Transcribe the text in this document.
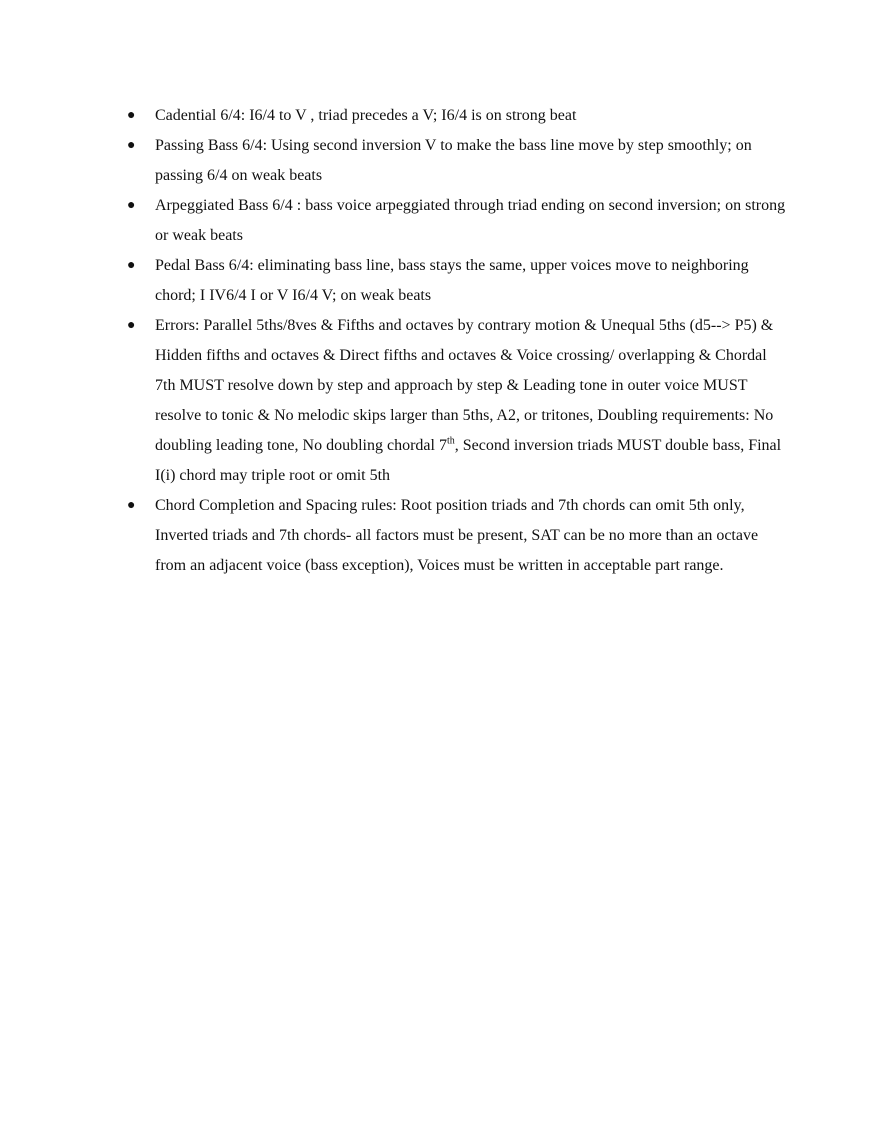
● Cadential 6/4: I6/4 to V , triad precedes a V; I6/4 is on strong beat
● Passing Bass 6/4: Using second inversion V to make the bass line move by step smoothly; on passing 6/4 on weak beats
● Arpeggiated Bass 6/4 : bass voice arpeggiated through triad ending on second inversion; on strong or weak beats
● Pedal Bass 6/4: eliminating bass line, bass stays the same, upper voices move to neighboring chord; I IV6/4 I or V I6/4 V; on weak beats
● Errors: Parallel 5ths/8ves & Fifths and octaves by contrary motion & Unequal 5ths (d5--> P5) & Hidden fifths and octaves & Direct fifths and octaves & Voice crossing/ overlapping & Chordal 7th MUST resolve down by step and approach by step & Leading tone in outer voice MUST resolve to tonic & No melodic skips larger than 5ths, A2, or tritones, Doubling requirements: No doubling leading tone, No doubling chordal 7th, Second inversion triads MUST double bass, Final I(i) chord may triple root or omit 5th
● Chord Completion and Spacing rules: Root position triads and 7th chords can omit 5th only, Inverted triads and 7th chords- all factors must be present, SAT can be no more than an octave from an adjacent voice (bass exception), Voices must be written in acceptable part range.
